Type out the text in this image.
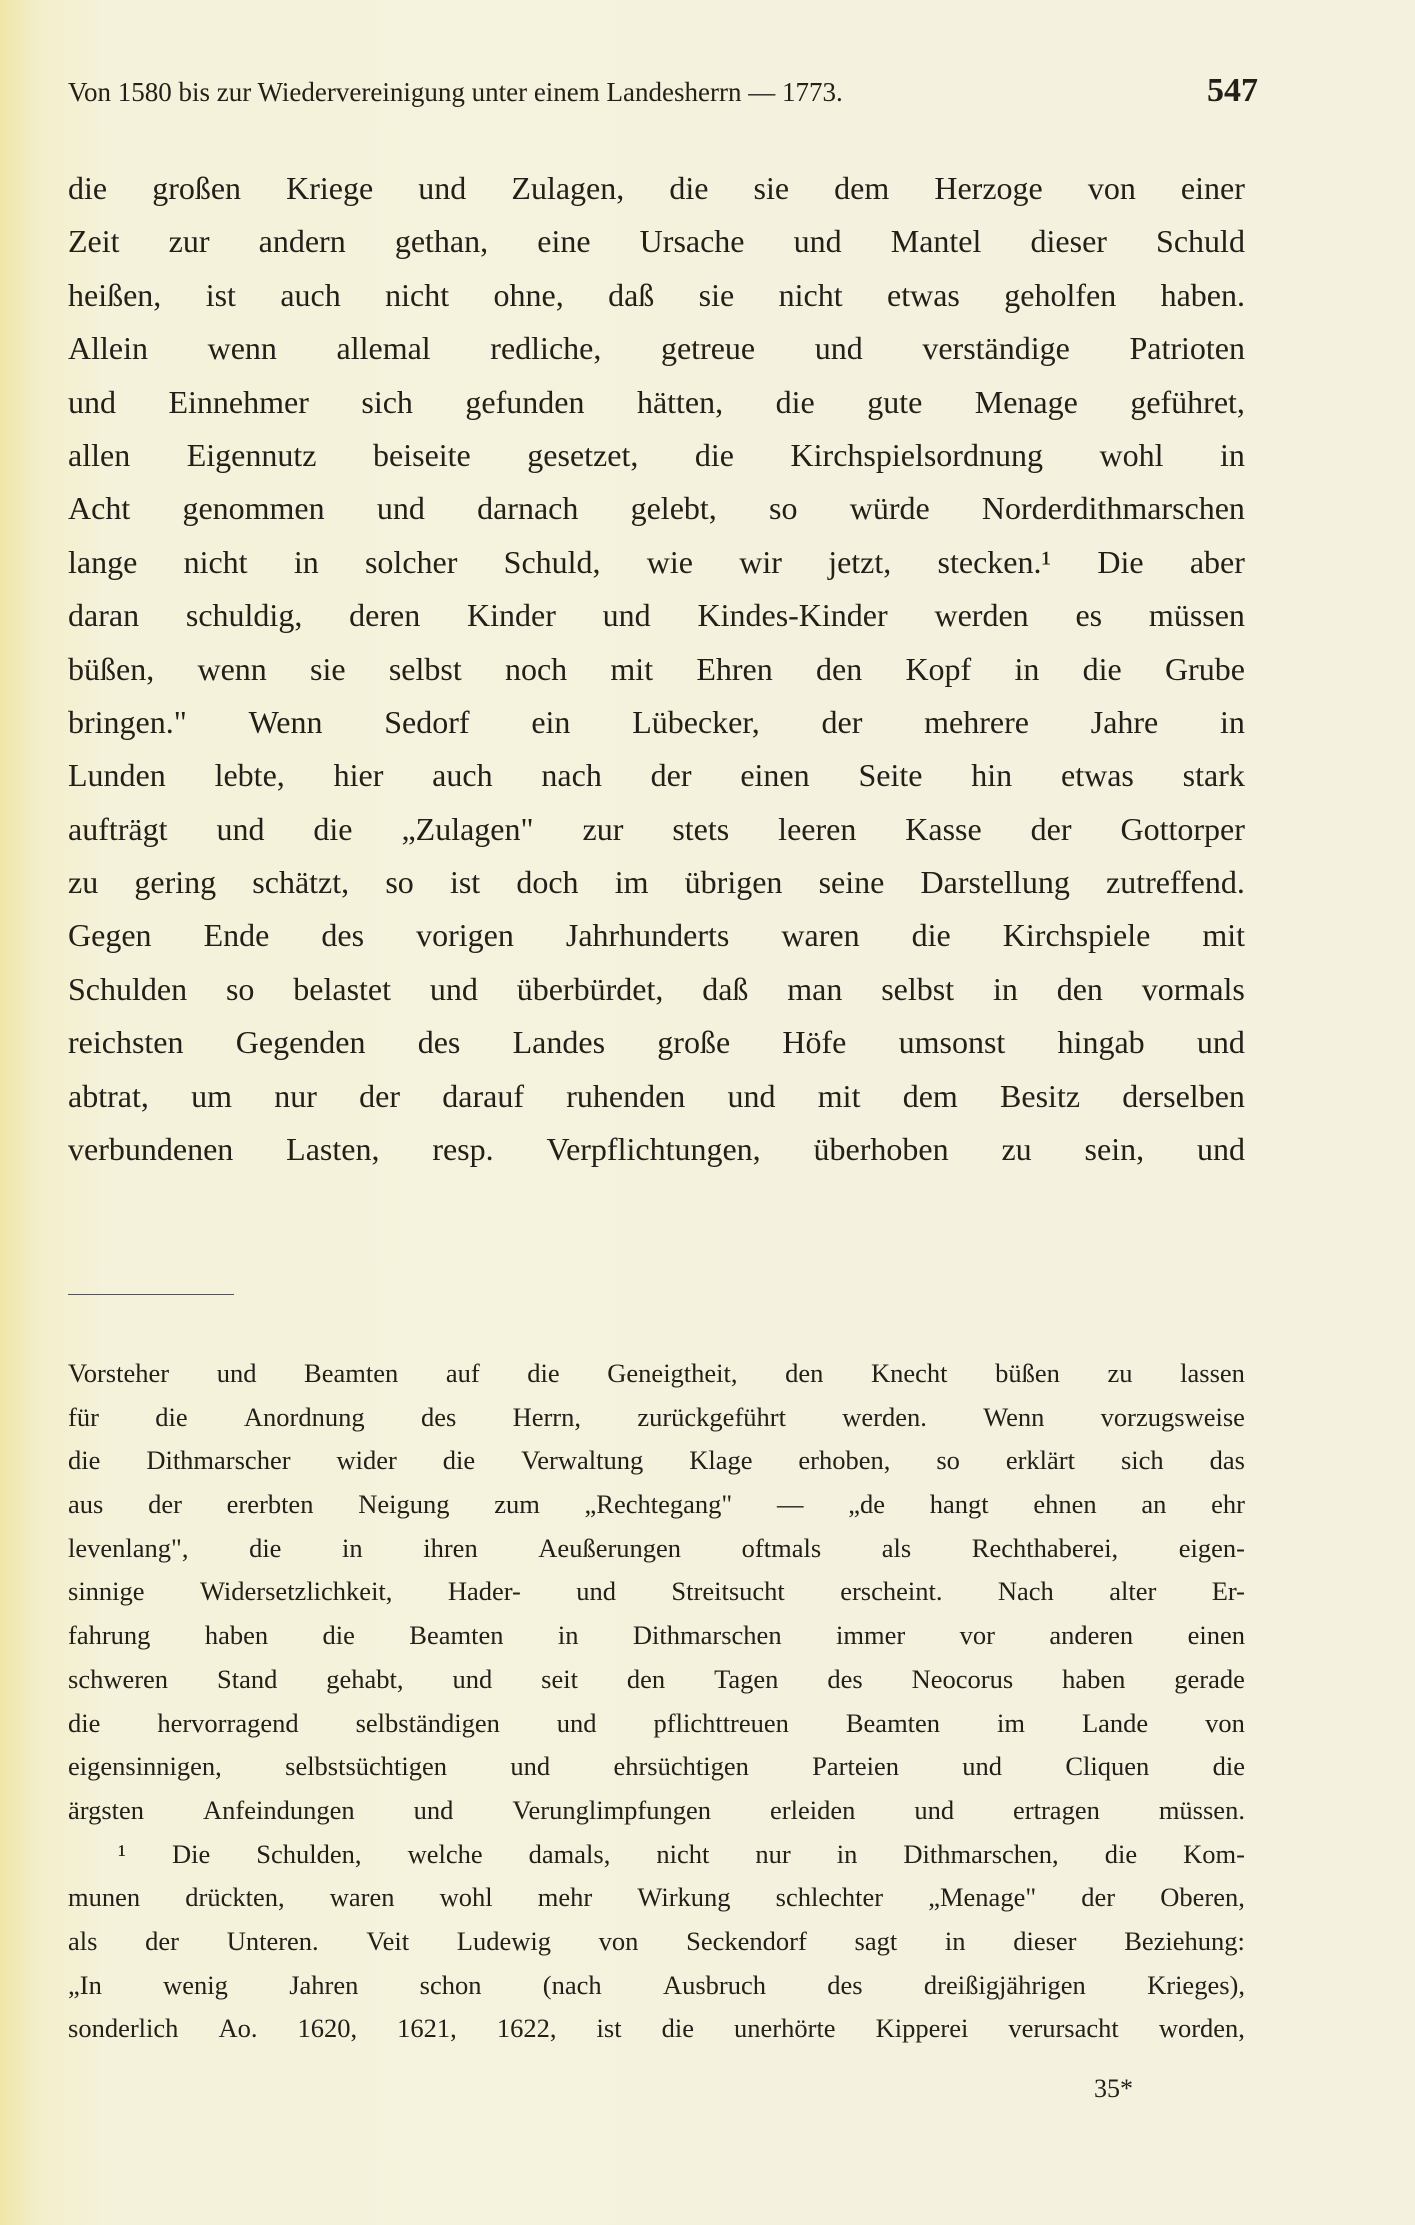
Von 1580 bis zur Wiedervereinigung unter einem Landesherrn — 1773.	547
die großen Kriege und Zulagen, die sie dem Herzoge von einer
Zeit zur andern gethan, eine Ursache und Mantel dieser Schuld
heißen, ist auch nicht ohne, daß sie nicht etwas geholfen haben.
Allein wenn allemal redliche, getreue und verständige Patrioten
und Einnehmer sich gefunden hätten, die gute Menage geführet,
allen Eigennutz beiseite gesetzet, die Kirchspielsordnung wohl in
Acht genommen und darnach gelebt, so würde Norderdithmarschen
lange nicht in solcher Schuld, wie wir jetzt, stecken.¹ Die aber
daran schuldig, deren Kinder und Kindes-Kinder werden es müssen
büßen, wenn sie selbst noch mit Ehren den Kopf in die Grube
bringen." Wenn Sedorf ein Lübecker, der mehrere Jahre in
Lunden lebte, hier auch nach der einen Seite hin etwas stark
aufträgt und die „Zulagen" zur stets leeren Kasse der Gottorper
zu gering schätzt, so ist doch im übrigen seine Darstellung zutreffend.
Gegen Ende des vorigen Jahrhunderts waren die Kirchspiele mit
Schulden so belastet und überbürdet, daß man selbst in den vormals
reichsten Gegenden des Landes große Höfe umsonst hingab und
abtrat, um nur der darauf ruhenden und mit dem Besitz derselben
verbundenen Lasten, resp. Verpflichtungen, überhoben zu sein, und
Vorsteher und Beamten auf die Geneigtheit, den Knecht büßen zu lassen
für die Anordnung des Herrn, zurückgeführt werden. Wenn vorzugsweise
die Dithmarscher wider die Verwaltung Klage erhoben, so erklärt sich das
aus der ererbten Neigung zum „Rechtegang" — „de hangt ehnen an ehr
levenlang", die in ihren Aeußerungen oftmals als Rechthaberei, eigen-
sinnige Widersetzlichkeit, Hader- und Streitsucht erscheint. Nach alter Er-
fahrung haben die Beamten in Dithmarschen immer vor anderen einen
schweren Stand gehabt, und seit den Tagen des Neocorus haben gerade
die hervorragend selbständigen und pflichttreuen Beamten im Lande von
eigensinnigen, selbstsüchtigen und ehrsüchtigen Parteien und Cliquen die
ärgsten Anfeindungen und Verunglimpfungen erleiden und ertragen müssen.
¹ Die Schulden, welche damals, nicht nur in Dithmarschen, die Kom-
munen drückten, waren wohl mehr Wirkung schlechter „Menage" der Oberen,
als der Unteren. Veit Ludewig von Seckendorf sagt in dieser Beziehung:
„In wenig Jahren schon (nach Ausbruch des dreißigjährigen Krieges),
sonderlich Ao. 1620, 1621, 1622, ist die unerhörte Kipperei verursacht worden,
35*
